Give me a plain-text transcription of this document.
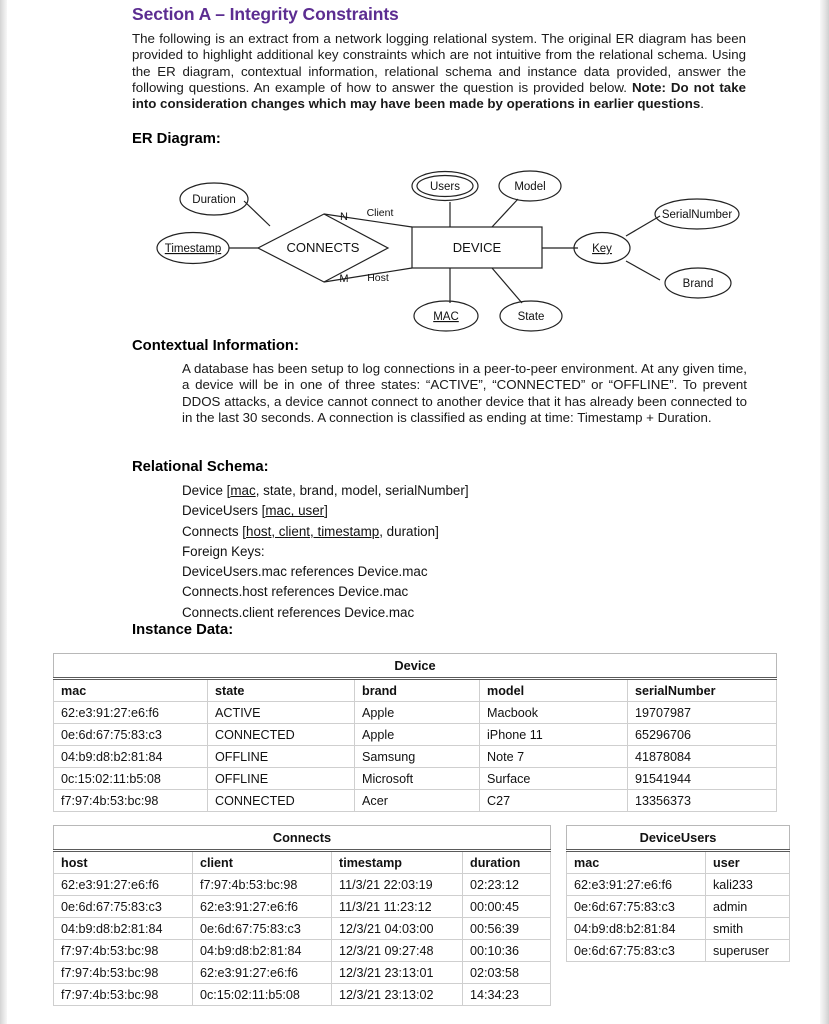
Section A – Integrity Constraints
The following is an extract from a network logging relational system. The original ER diagram has been provided to highlight additional key constraints which are not intuitive from the relational schema. Using the ER diagram, contextual information, relational schema and instance data provided, answer the following questions. An example of how to answer the question is provided below. Note: Do not take into consideration changes which may have been made by operations in earlier questions.
ER Diagram:
Duration
Timestamp
Users	Model
Key
SerialNumber
Brand
MAC	State
CONNECTS	DEVICE
N
M
Client
Host
Contextual Information:
A database has been setup to log connections in a peer-to-peer environment. At any given time, a device will be in one of three states: “ACTIVE”, “CONNECTED” or “OFFLINE”. To prevent DDOS attacks, a device cannot connect to another device that it has already been connected to in the last 30 seconds. A connection is classified as ending at time: Timestamp + Duration.
Relational Schema:
Device [mac, state, brand, model, serialNumber]
DeviceUsers [mac, user]
Connects [host, client, timestamp, duration]
Foreign Keys:
DeviceUsers.mac references Device.mac
Connects.host references Device.mac
Connects.client references Device.mac
Instance Data:
Device
mac	state	brand	model	serialNumber
62:e3:91:27:e6:f6	ACTIVE	Apple	Macbook	19707987
0e:6d:67:75:83:c3	CONNECTED	Apple	iPhone 11	65296706
04:b9:d8:b2:81:84	OFFLINE	Samsung	Note 7	41878084
0c:15:02:11:b5:08	OFFLINE	Microsoft	Surface	91541944
f7:97:4b:53:bc:98	CONNECTED	Acer	C27	13356373
Connects
host	client	timestamp	duration
62:e3:91:27:e6:f6	f7:97:4b:53:bc:98	11/3/21 22:03:19	02:23:12
0e:6d:67:75:83:c3	62:e3:91:27:e6:f6	11/3/21 11:23:12	00:00:45
04:b9:d8:b2:81:84	0e:6d:67:75:83:c3	12/3/21 04:03:00	00:56:39
f7:97:4b:53:bc:98	04:b9:d8:b2:81:84	12/3/21 09:27:48	00:10:36
f7:97:4b:53:bc:98	62:e3:91:27:e6:f6	12/3/21 23:13:01	02:03:58
f7:97:4b:53:bc:98	0c:15:02:11:b5:08	12/3/21 23:13:02	14:34:23
DeviceUsers
mac	user
62:e3:91:27:e6:f6	kali233
0e:6d:67:75:83:c3	admin
04:b9:d8:b2:81:84	smith
0e:6d:67:75:83:c3	superuser
